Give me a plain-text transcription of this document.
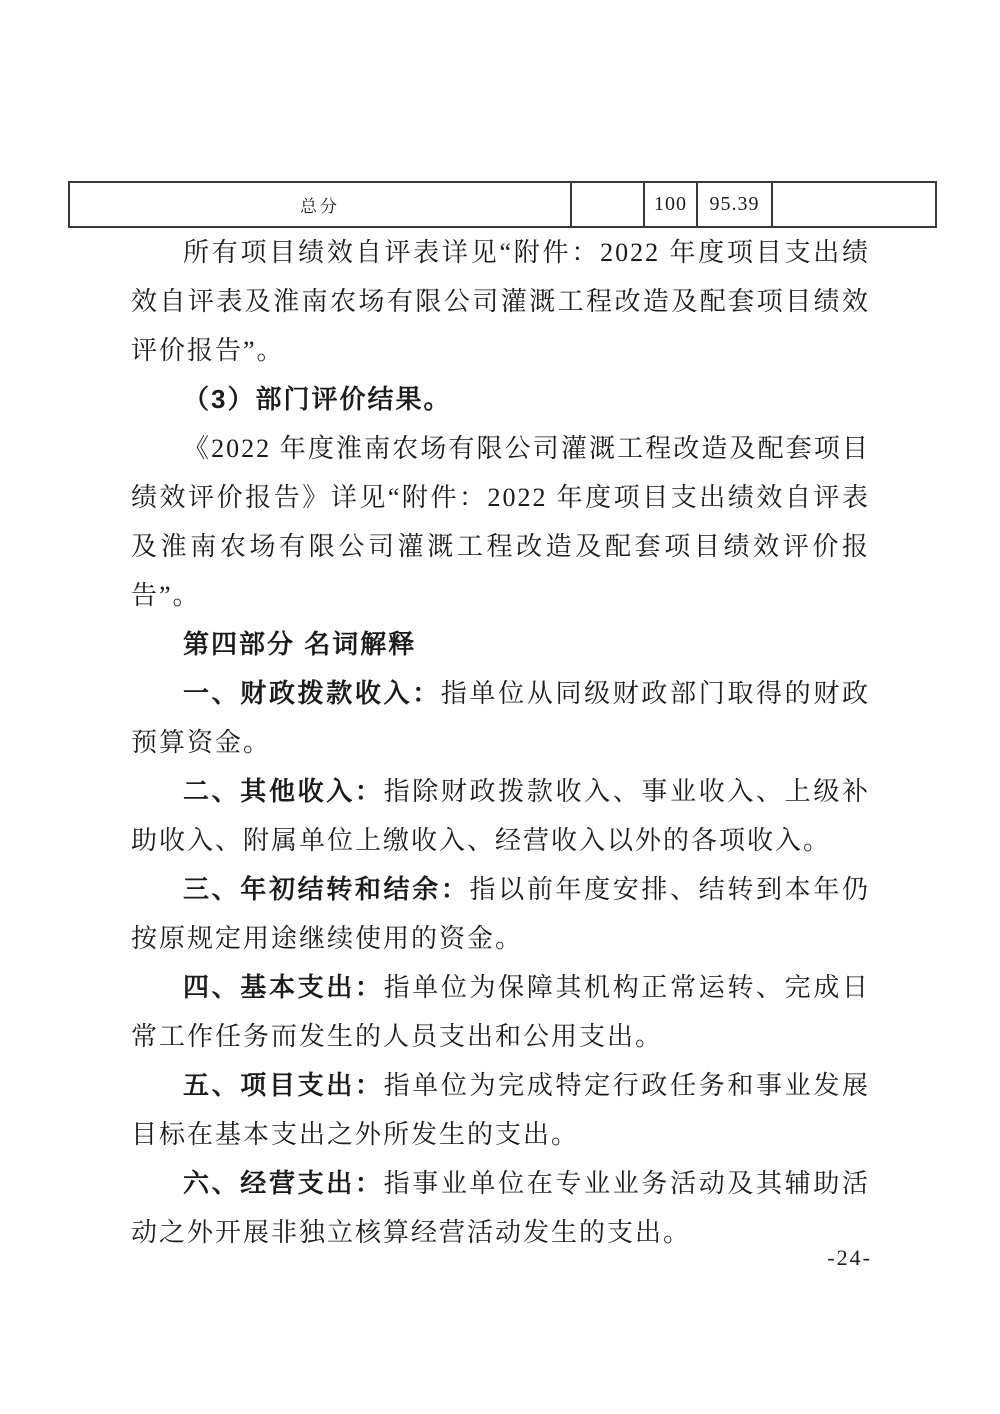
总分		100	95.39	

所有项目绩效自评表详见“附件：2022 年度项目支出绩效自评表及淮南农场有限公司灌溉工程改造及配套项目绩效评价报告”。

（3）部门评价结果。

《2022 年度淮南农场有限公司灌溉工程改造及配套项目绩效评价报告》详见“附件：2022 年度项目支出绩效自评表及淮南农场有限公司灌溉工程改造及配套项目绩效评价报告”。

第四部分 名词解释

一、财政拨款收入：指单位从同级财政部门取得的财政预算资金。

二、其他收入：指除财政拨款收入、事业收入、上级补助收入、附属单位上缴收入、经营收入以外的各项收入。

三、年初结转和结余：指以前年度安排、结转到本年仍按原规定用途继续使用的资金。

四、基本支出：指单位为保障其机构正常运转、完成日常工作任务而发生的人员支出和公用支出。

五、项目支出：指单位为完成特定行政任务和事业发展目标在基本支出之外所发生的支出。

六、经营支出：指事业单位在专业业务活动及其辅助活动之外开展非独立核算经营活动发生的支出。

-24-
